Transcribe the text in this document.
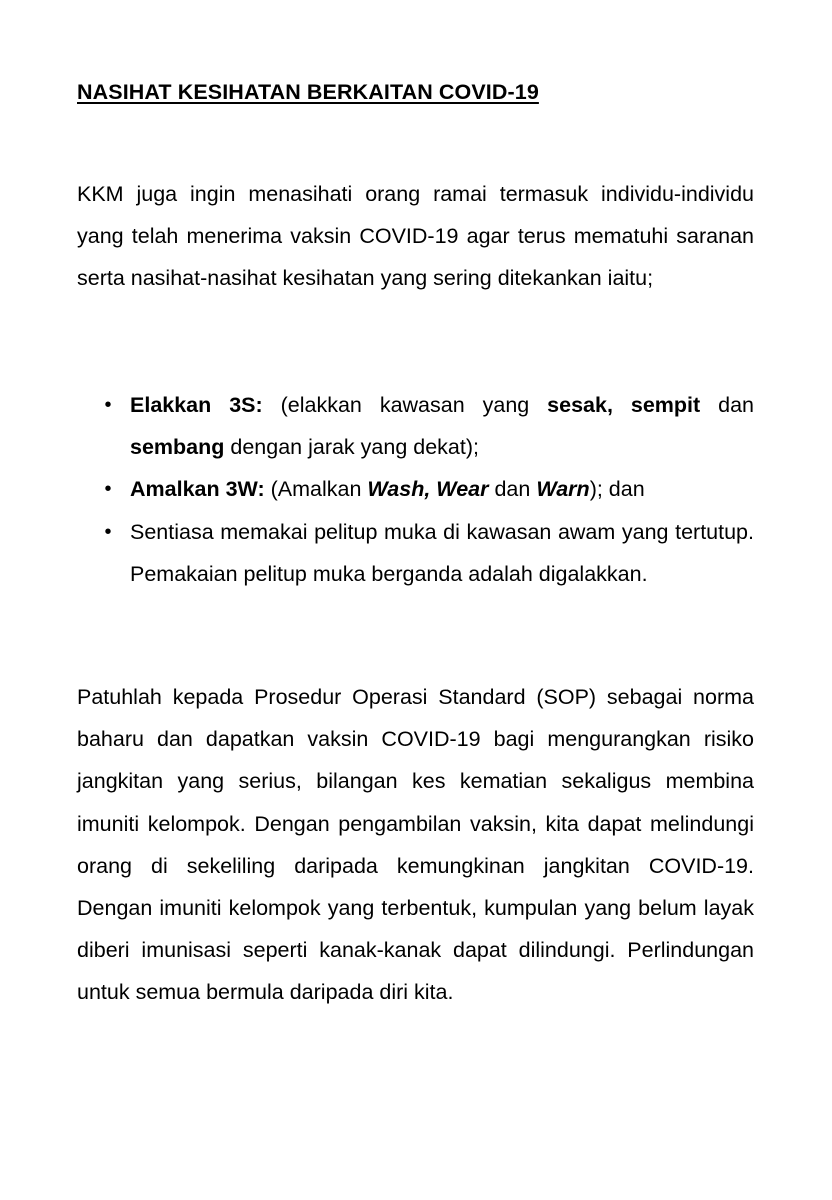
NASIHAT KESIHATAN BERKAITAN COVID-19

KKM juga ingin menasihati orang ramai termasuk individu-individu yang telah menerima vaksin COVID-19 agar terus mematuhi saranan serta nasihat-nasihat kesihatan yang sering ditekankan iaitu;

• Elakkan 3S: (elakkan kawasan yang sesak, sempit dan sembang dengan jarak yang dekat);
• Amalkan 3W: (Amalkan Wash, Wear dan Warn); dan
• Sentiasa memakai pelitup muka di kawasan awam yang tertutup. Pemakaian pelitup muka berganda adalah digalakkan.

Patuhlah kepada Prosedur Operasi Standard (SOP) sebagai norma baharu dan dapatkan vaksin COVID-19 bagi mengurangkan risiko jangkitan yang serius, bilangan kes kematian sekaligus membina imuniti kelompok. Dengan pengambilan vaksin, kita dapat melindungi orang di sekeliling daripada kemungkinan jangkitan COVID-19. Dengan imuniti kelompok yang terbentuk, kumpulan yang belum layak diberi imunisasi seperti kanak-kanak dapat dilindungi. Perlindungan untuk semua bermula daripada diri kita.
